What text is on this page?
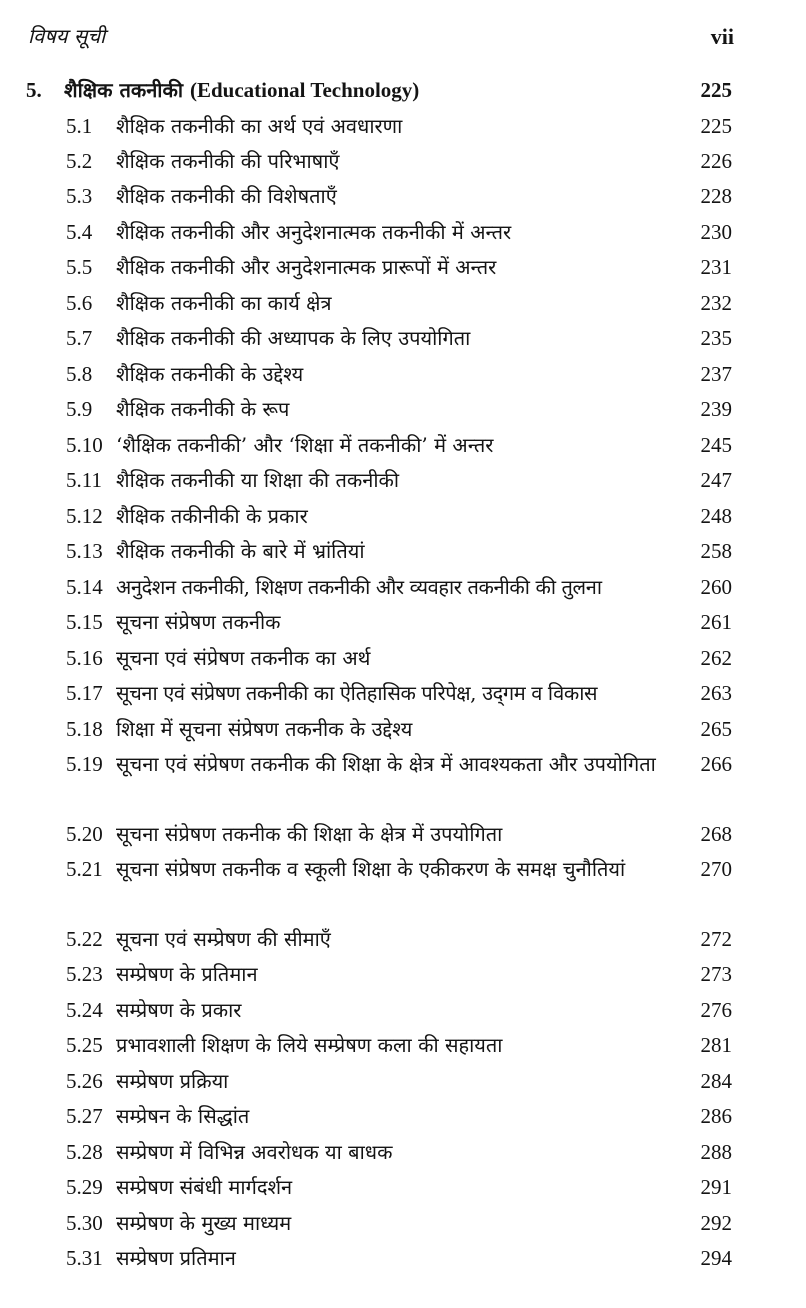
विषय सूची	vii
5. शैक्षिक तकनीकी (Educational Technology)	225
5.1 शैक्षिक तकनीकी का अर्थ एवं अवधारणा	225
5.2 शैक्षिक तकनीकी की परिभाषाएँ	226
5.3 शैक्षिक तकनीकी की विशेषताएँ	228
5.4 शैक्षिक तकनीकी और अनुदेशनात्मक तकनीकी में अन्तर	230
5.5 शैक्षिक तकनीकी और अनुदेशनात्मक प्रारूपों में अन्तर	231
5.6 शैक्षिक तकनीकी का कार्य क्षेत्र	232
5.7 शैक्षिक तकनीकी की अध्यापक के लिए उपयोगिता	235
5.8 शैक्षिक तकनीकी के उद्देश्य	237
5.9 शैक्षिक तकनीकी के रूप	239
5.10 ‘शैक्षिक तकनीकी’ और ‘शिक्षा में तकनीकी’ में अन्तर	245
5.11 शैक्षिक तकनीकी या शिक्षा की तकनीकी	247
5.12 शैक्षिक तकीनीकी के प्रकार	248
5.13 शैक्षिक तकनीकी के बारे में भ्रांतियां	258
5.14 अनुदेशन तकनीकी, शिक्षण तकनीकी और व्यवहार तकनीकी की तुलना	260
5.15 सूचना संप्रेषण तकनीक	261
5.16 सूचना एवं संप्रेषण तकनीक का अर्थ	262
5.17 सूचना एवं संप्रेषण तकनीकी का ऐतिहासिक परिपेक्ष, उद्‌गम व विकास	263
5.18 शिक्षा में सूचना संप्रेषण तकनीक के उद्देश्य	265
5.19 सूचना एवं संप्रेषण तकनीक की शिक्षा के क्षेत्र में आवश्यकता और उपयोगिता	266
5.20 सूचना संप्रेषण तकनीक की शिक्षा के क्षेत्र में उपयोगिता	268
5.21 सूचना संप्रेषण तकनीक व स्कूली शिक्षा के एकीकरण के समक्ष चुनौतियां	270
5.22 सूचना एवं सम्प्रेषण की सीमाएँ	272
5.23 सम्प्रेषण के प्रतिमान	273
5.24 सम्प्रेषण के प्रकार	276
5.25 प्रभावशाली शिक्षण के लिये सम्प्रेषण कला की सहायता	281
5.26 सम्प्रेषण प्रक्रिया	284
5.27 सम्प्रेषन के सिद्धांत	286
5.28 सम्प्रेषण में विभिन्न अवरोधक या बाधक	288
5.29 सम्प्रेषण संबंधी मार्गदर्शन	291
5.30 सम्प्रेषण के मुख्य माध्यम	292
5.31 सम्प्रेषण प्रतिमान	294
